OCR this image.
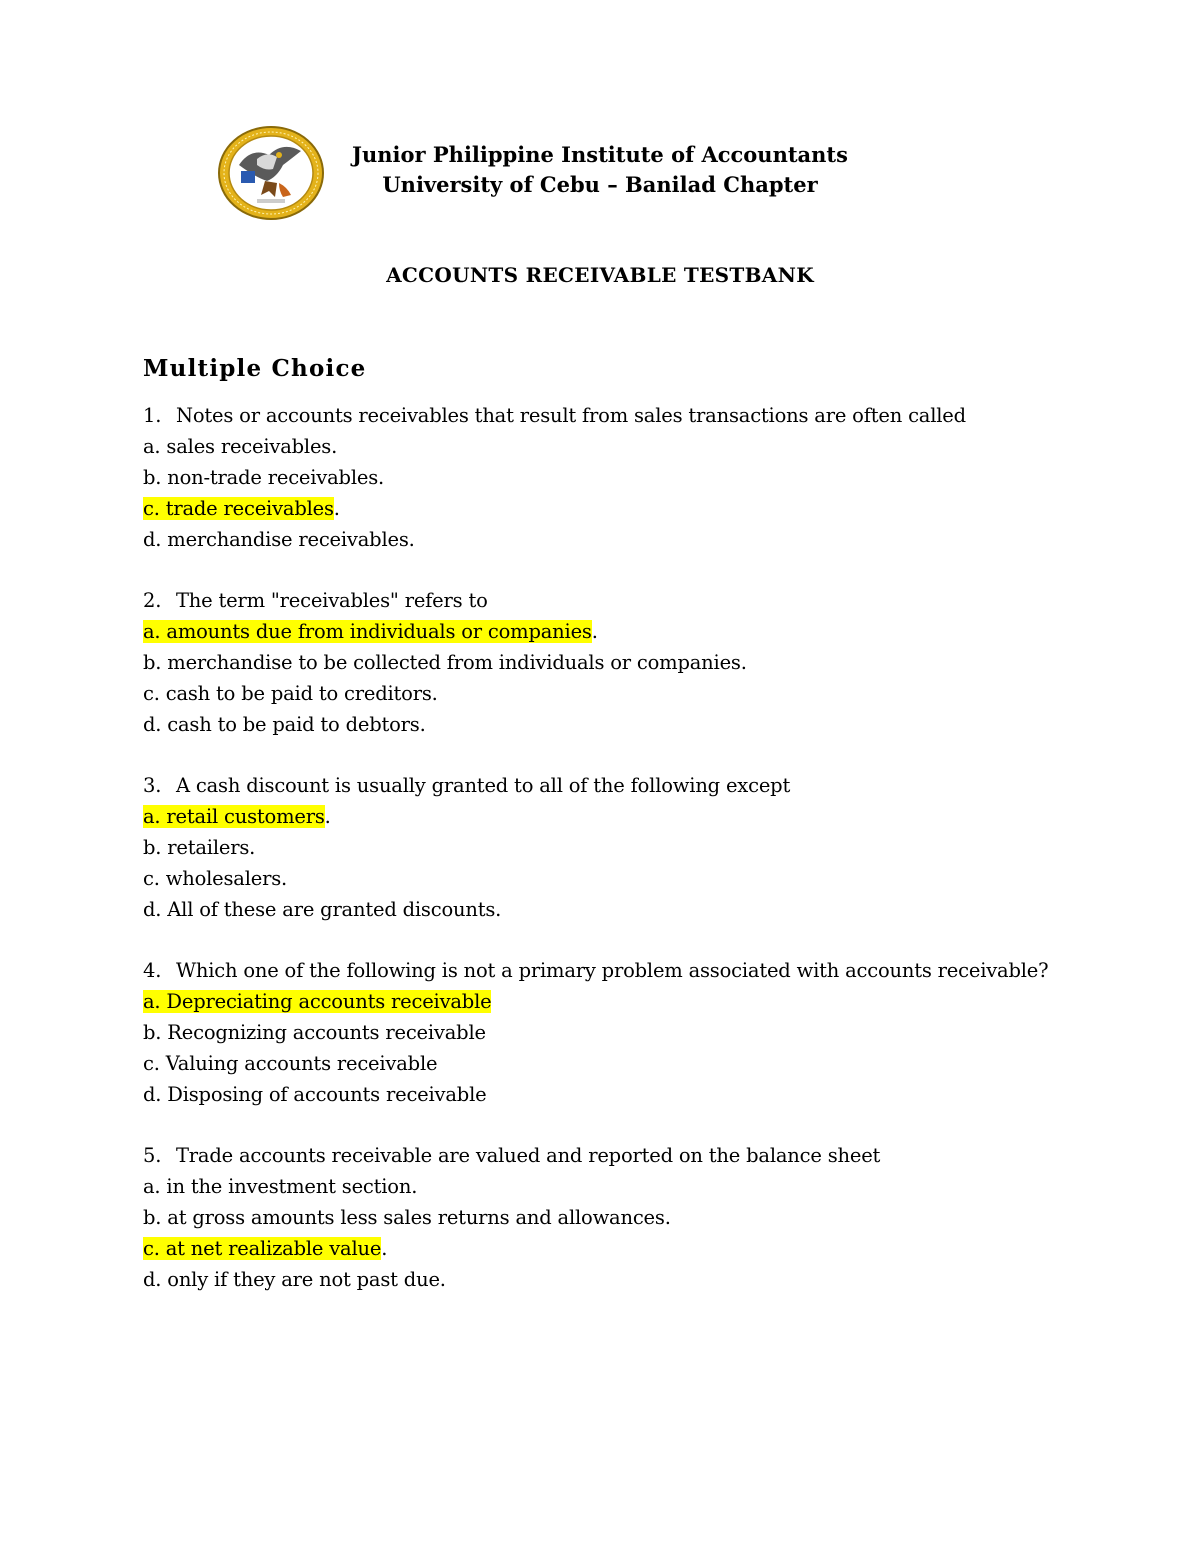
Junior Philippine Institute of Accountants
University of Cebu – Banilad Chapter
ACCOUNTS RECEIVABLE TESTBANK
Multiple Choice
1. Notes or accounts receivables that result from sales transactions are often called
a. sales receivables.
b. non-trade receivables.
c. trade receivables.
d. merchandise receivables.
2. The term "receivables" refers to
a. amounts due from individuals or companies.
b. merchandise to be collected from individuals or companies.
c. cash to be paid to creditors.
d. cash to be paid to debtors.
3. A cash discount is usually granted to all of the following except
a. retail customers.
b. retailers.
c. wholesalers.
d. All of these are granted discounts.
4. Which one of the following is not a primary problem associated with accounts receivable?
a. Depreciating accounts receivable
b. Recognizing accounts receivable
c. Valuing accounts receivable
d. Disposing of accounts receivable
5. Trade accounts receivable are valued and reported on the balance sheet
a. in the investment section.
b. at gross amounts less sales returns and allowances.
c. at net realizable value.
d. only if they are not past due.
